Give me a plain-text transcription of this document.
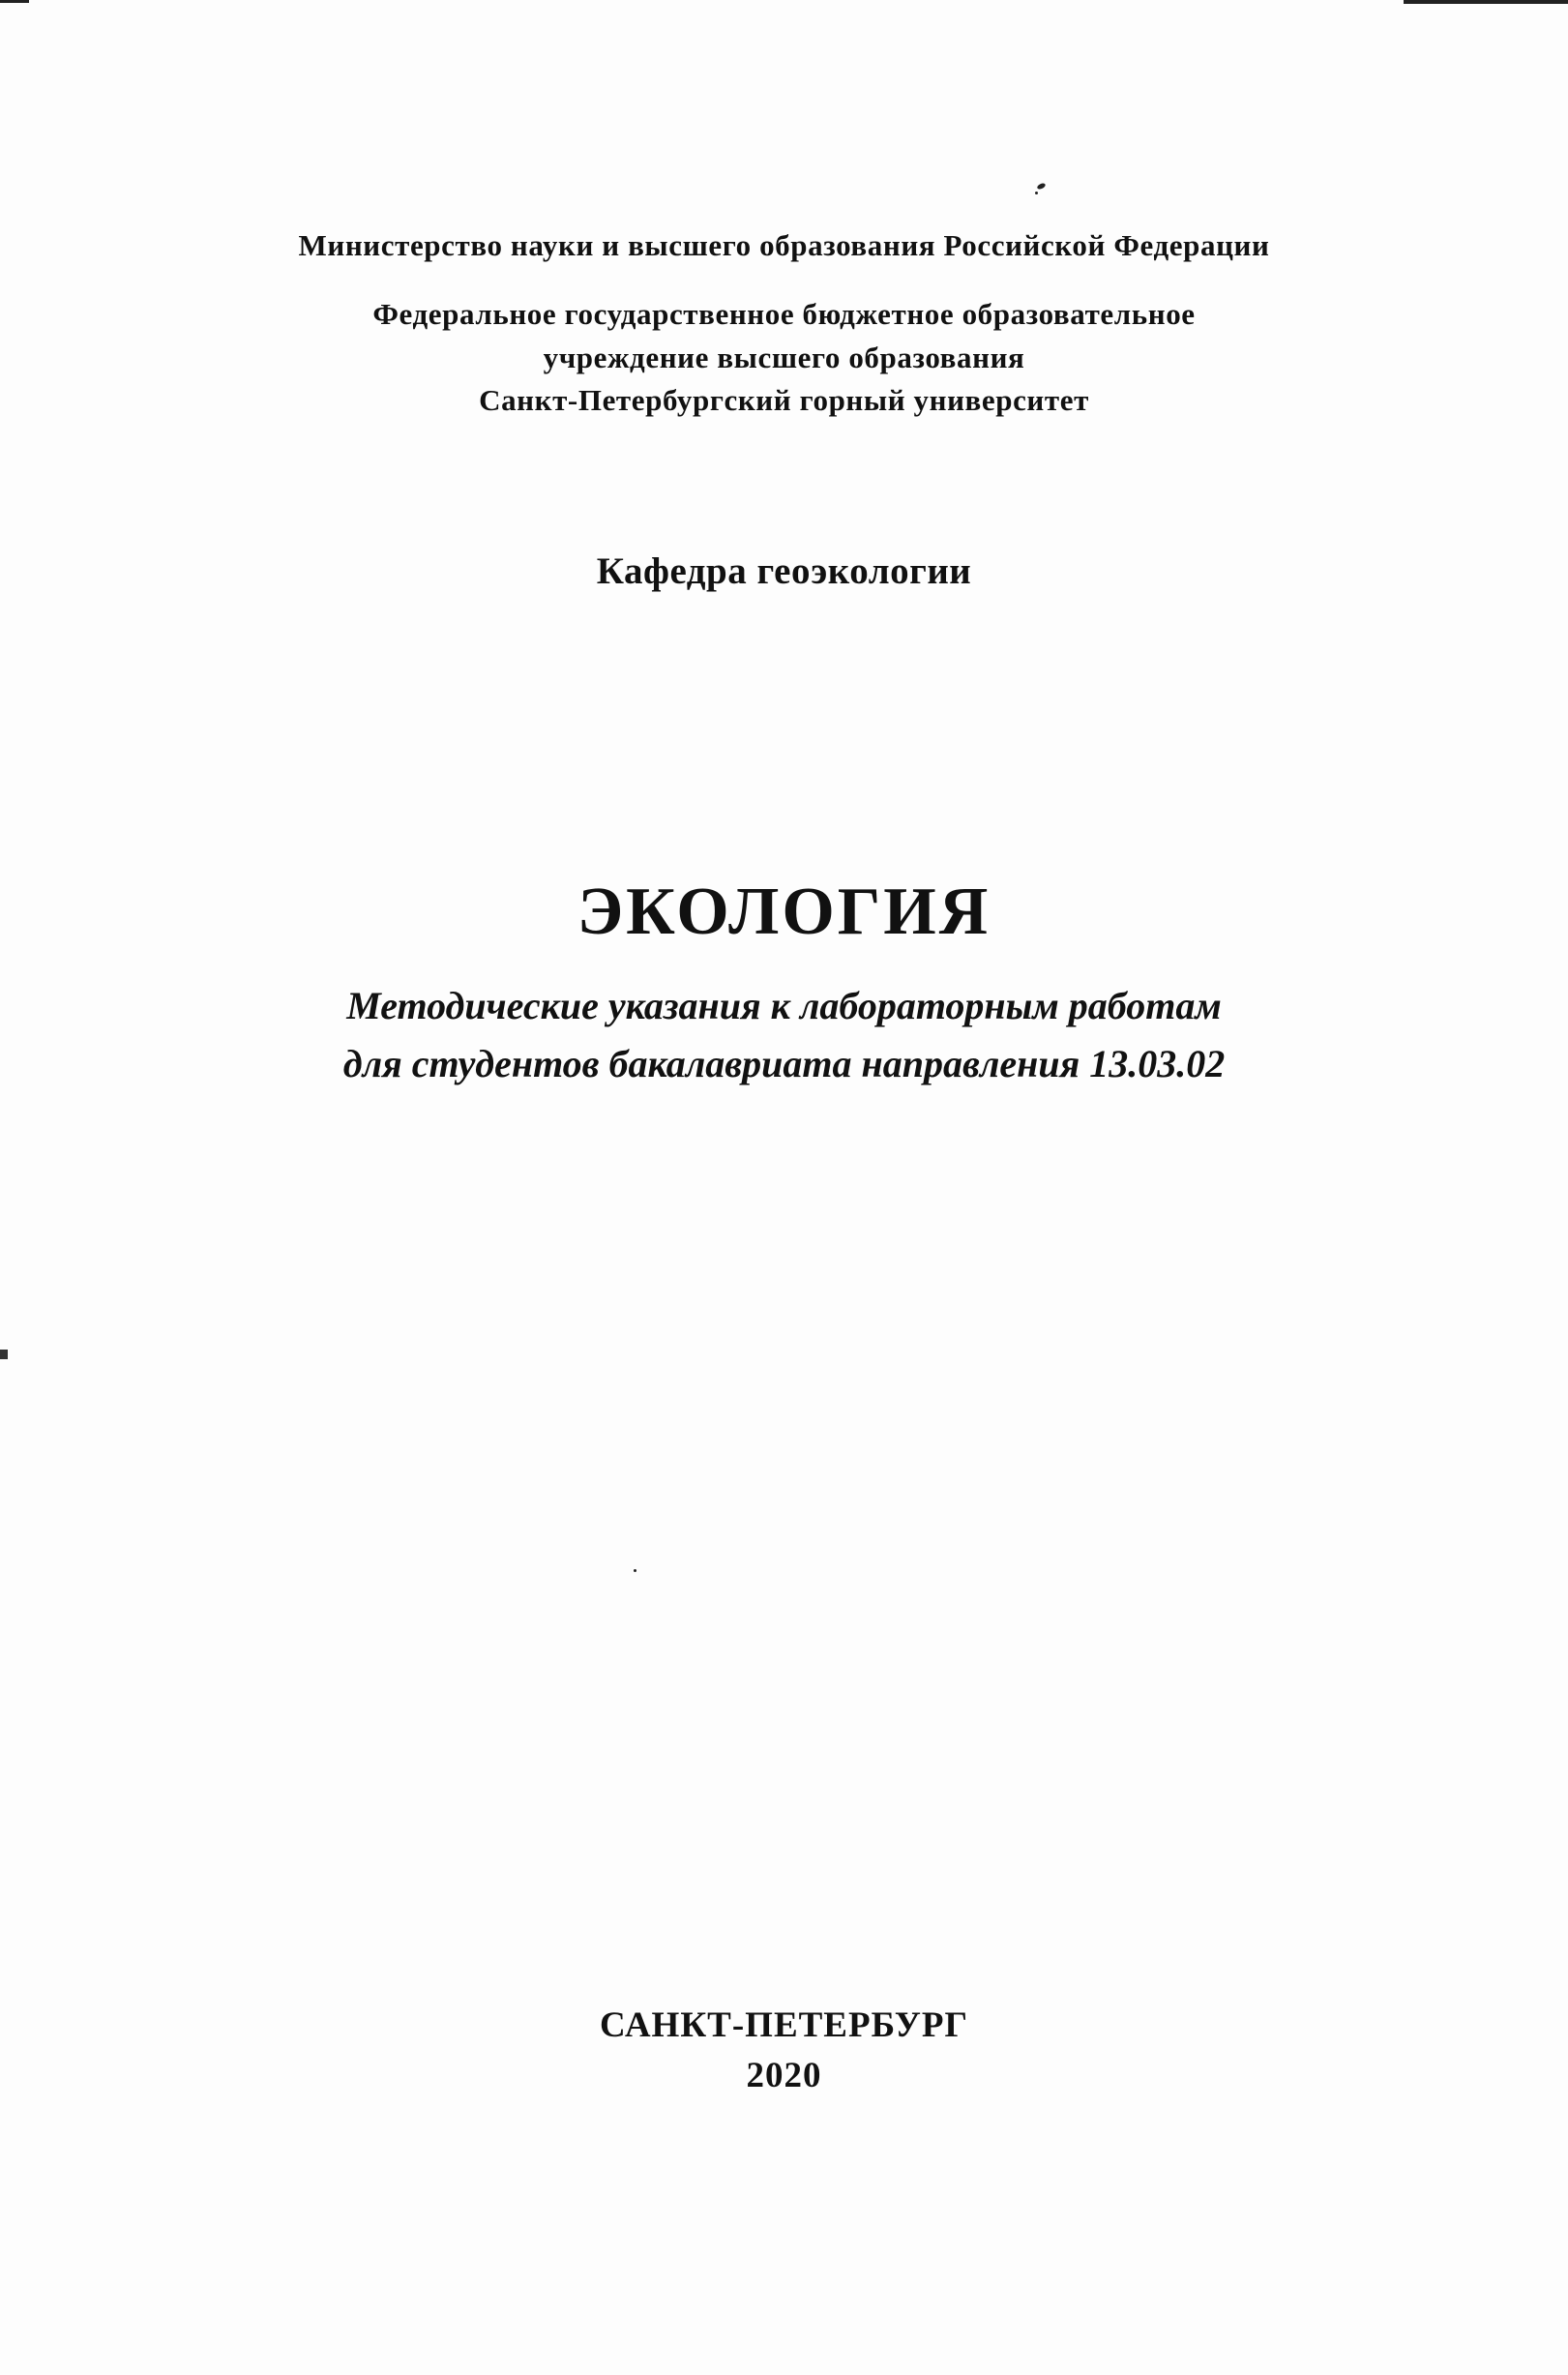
Министерство науки и высшего образования Российской Федерации
Федеральное государственное бюджетное образовательное
учреждение высшего образования
Санкт-Петербургский горный университет
Кафедра геоэкологии
ЭКОЛОГИЯ
Методические указания к лабораторным работам
для студентов бакалавриата направления 13.03.02
САНКТ-ПЕТЕРБУРГ
2020
